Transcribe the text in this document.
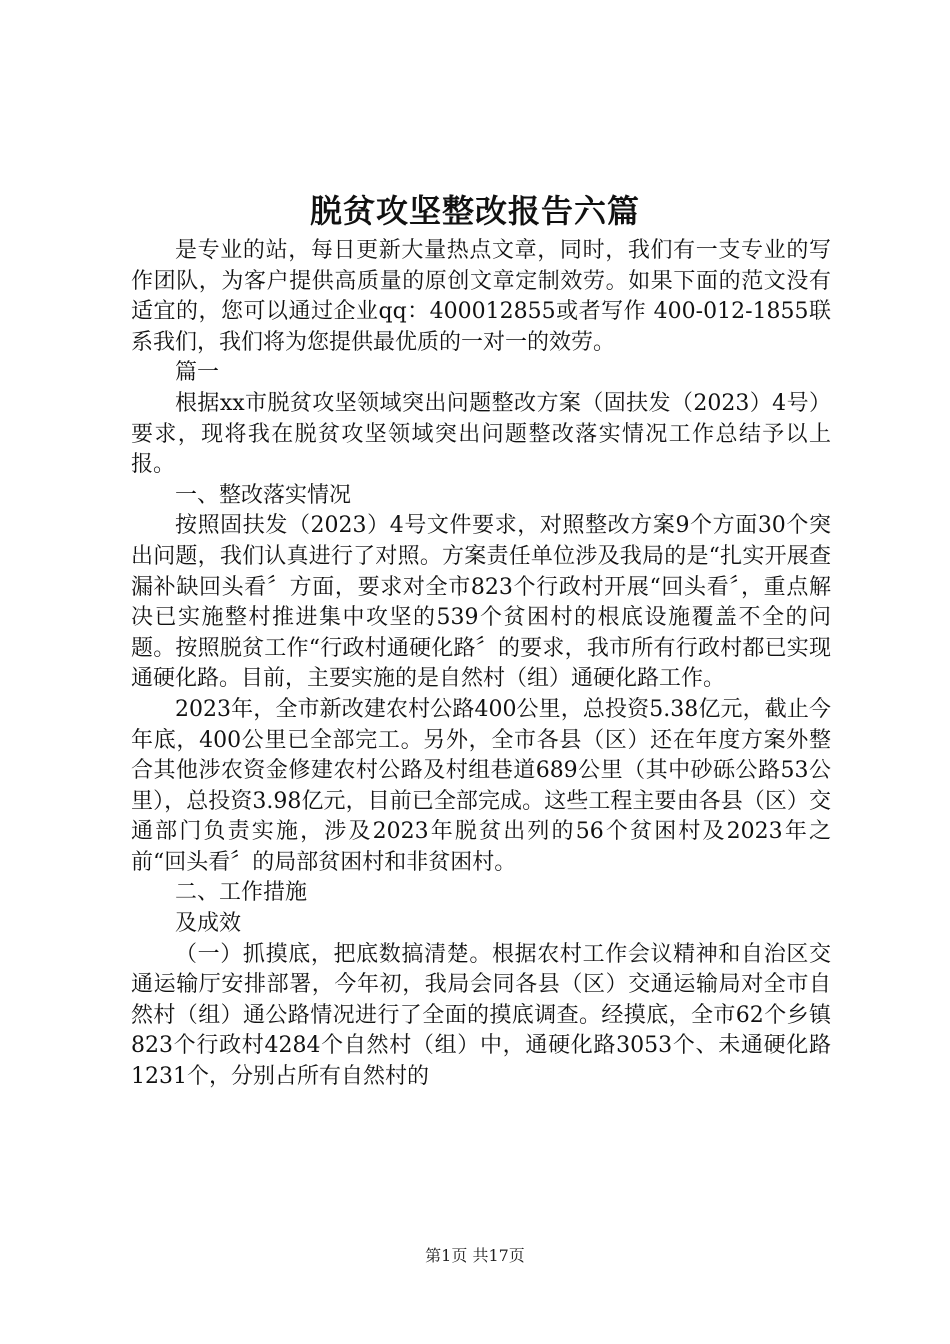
脱贫攻坚整改报告六篇

是专业的站，每日更新大量热点文章，同时，我们有一支专业的写作团队，为客户提供高质量的原创文章定制效劳。如果下面的范文没有适宜的，您可以通过企业qq：400012855或者写作 400-012-1855联系我们，我们将为您提供最优质的一对一的效劳。

篇一

根据xx市脱贫攻坚领域突出问题整改方案（固扶发（2023）4号）要求，现将我在脱贫攻坚领域突出问题整改落实情况工作总结予以上报。

一、整改落实情况

按照固扶发（2023）4号文件要求，对照整改方案9个方面30个突出问题，我们认真进行了对照。方案责任单位涉及我局的是“扎实开展查漏补缺回头看〞方面，要求对全市823个行政村开展“回头看〞，重点解决已实施整村推进集中攻坚的539个贫困村的根底设施覆盖不全的问题。按照脱贫工作“行政村通硬化路〞的要求，我市所有行政村都已实现通硬化路。目前，主要实施的是自然村（组）通硬化路工作。

2023年，全市新改建农村公路400公里，总投资5.38亿元，截止今年底，400公里已全部完工。另外，全市各县（区）还在年度方案外整合其他涉农资金修建农村公路及村组巷道689公里（其中砂砾公路53公里），总投资3.98亿元，目前已全部完成。这些工程主要由各县（区）交通部门负责实施，涉及2023年脱贫出列的56个贫困村及2023年之前“回头看〞的局部贫困村和非贫困村。

二、工作措施

及成效

（一）抓摸底，把底数搞清楚。根据农村工作会议精神和自治区交通运输厅安排部署，今年初，我局会同各县（区）交通运输局对全市自然村（组）通公路情况进行了全面的摸底调查。经摸底，全市62个乡镇823个行政村4284个自然村（组）中，通硬化路3053个、未通硬化路1231个，分别占所有自然村的

第1页 共17页
